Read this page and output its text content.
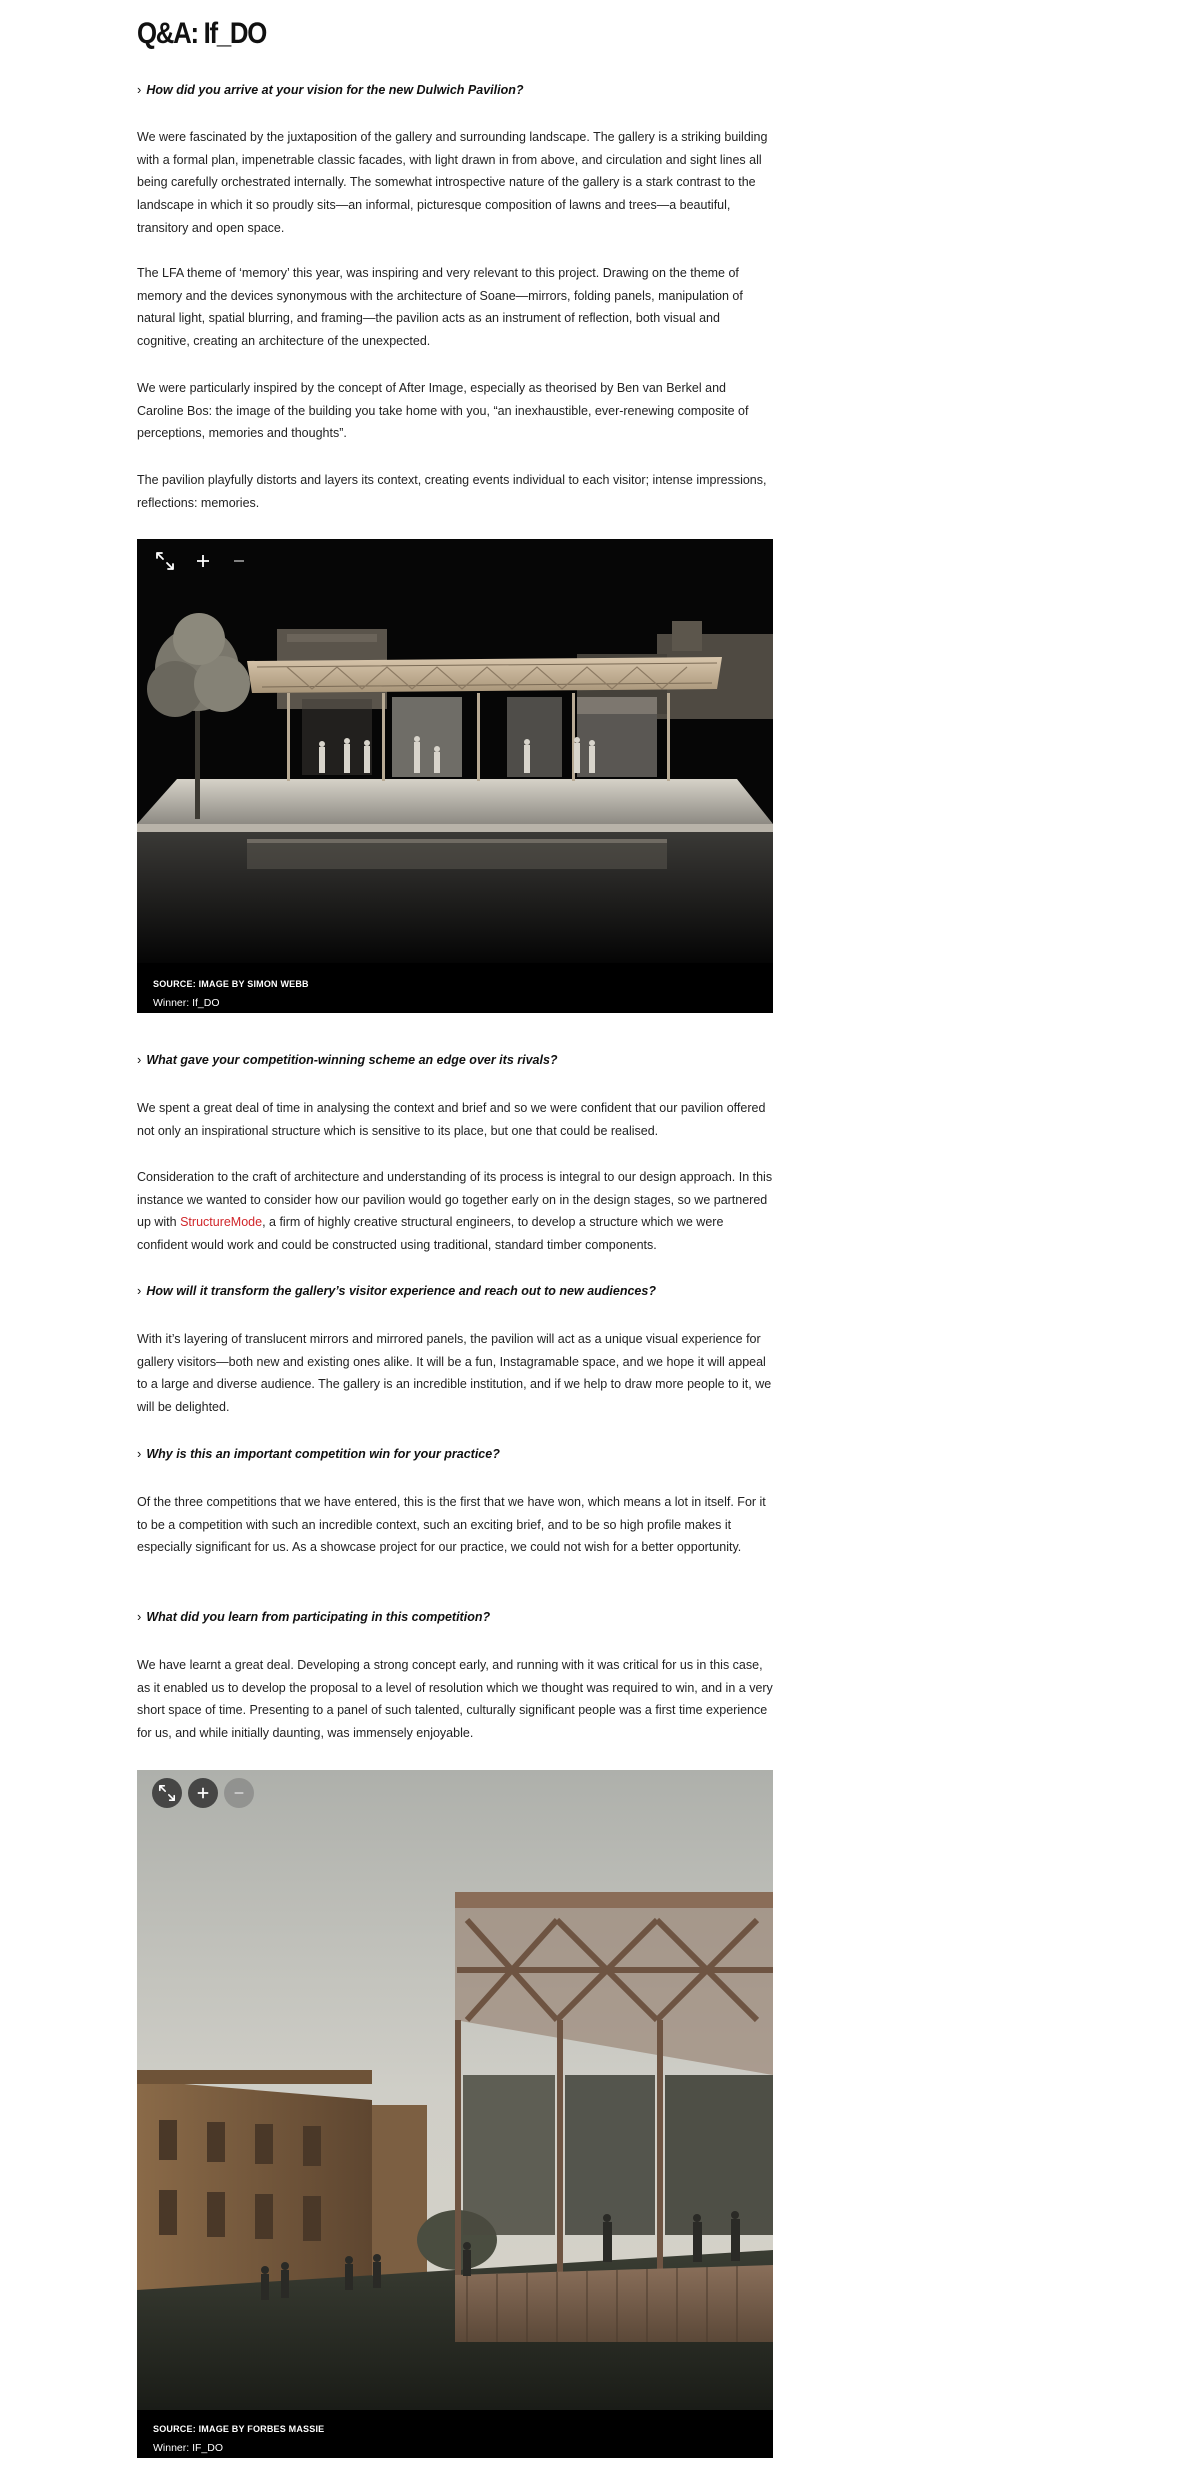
Q&A: If_DO
› How did you arrive at your vision for the new Dulwich Pavilion?

We were fascinated by the juxtaposition of the gallery and surrounding landscape. The gallery is a striking building with a formal plan, impenetrable classic facades, with light drawn in from above, and circulation and sight lines all being carefully orchestrated internally. The somewhat introspective nature of the gallery is a stark contrast to the landscape in which it so proudly sits—an informal, picturesque composition of lawns and trees—a beautiful, transitory and open space.

The LFA theme of ‘memory’ this year, was inspiring and very relevant to this project. Drawing on the theme of memory and the devices synonymous with the architecture of Soane—mirrors, folding panels, manipulation of natural light, spatial blurring, and framing—the pavilion acts as an instrument of reflection, both visual and cognitive, creating an architecture of the unexpected.

We were particularly inspired by the concept of After Image, especially as theorised by Ben van Berkel and Caroline Bos: the image of the building you take home with you, “an inexhaustible, ever-renewing composite of perceptions, memories and thoughts”.

The pavilion playfully distorts and layers its context, creating events individual to each visitor; intense impressions, reflections: memories.

SOURCE: IMAGE BY SIMON WEBB
Winner: If_DO
› What gave your competition-winning scheme an edge over its rivals?

We spent a great deal of time in analysing the context and brief and so we were confident that our pavilion offered not only an inspirational structure which is sensitive to its place, but one that could be realised.

Consideration to the craft of architecture and understanding of its process is integral to our design approach. In this instance we wanted to consider how our pavilion would go together early on in the design stages, so we partnered up with StructureMode, a firm of highly creative structural engineers, to develop a structure which we were confident would work and could be constructed using traditional, standard timber components.

› How will it transform the gallery’s visitor experience and reach out to new audiences?

With it’s layering of translucent mirrors and mirrored panels, the pavilion will act as a unique visual experience for gallery visitors—both new and existing ones alike. It will be a fun, Instagramable space, and we hope it will appeal to a large and diverse audience. The gallery is an incredible institution, and if we help to draw more people to it, we will be delighted.

› Why is this an important competition win for your practice?

Of the three competitions that we have entered, this is the first that we have won, which means a lot in itself. For it to be a competition with such an incredible context, such an exciting brief, and to be so high profile makes it especially significant for us. As a showcase project for our practice, we could not wish for a better opportunity.

› What did you learn from participating in this competition?

We have learnt a great deal. Developing a strong concept early, and running with it was critical for us in this case, as it enabled us to develop the proposal to a level of resolution which we thought was required to win, and in a very short space of time. Presenting to a panel of such talented, culturally significant people was a first time experience for us, and while initially daunting, was immensely enjoyable.

SOURCE: IMAGE BY FORBES MASSIE
Winner: IF_DO
